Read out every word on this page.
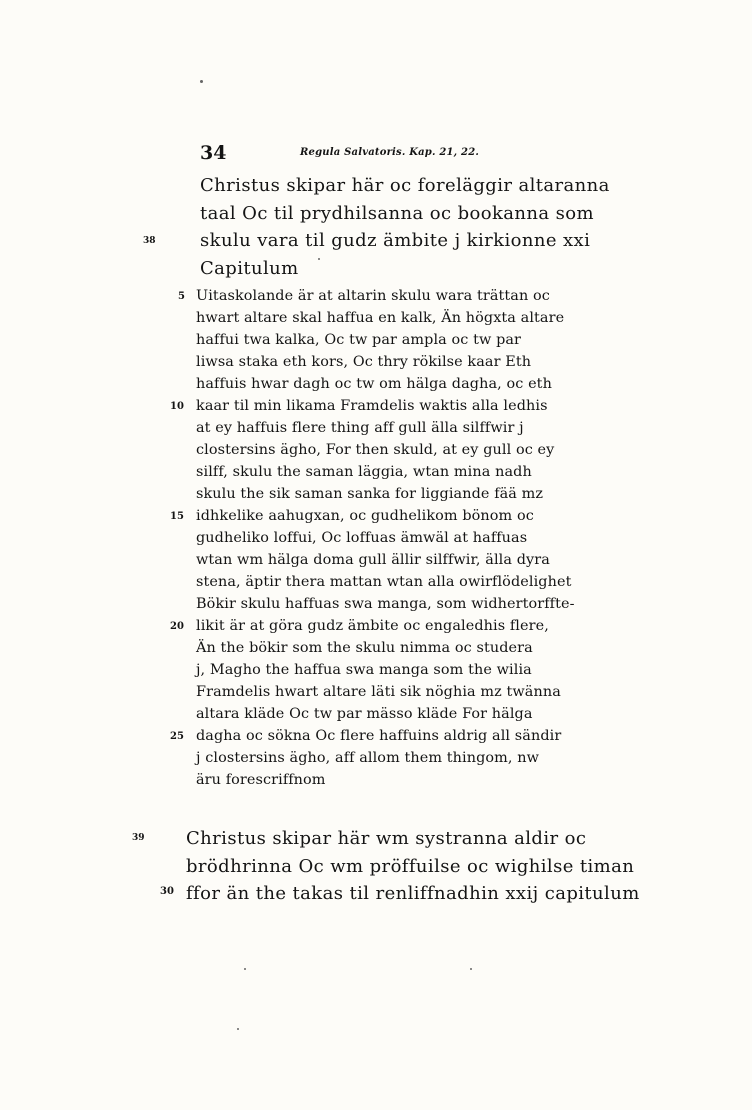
34	Regula Salvatoris. Kap. 21, 22.
Christus skipar här oc foreläggir altaranna
taal Oc til prydhilsanna oc bookanna som
skulu vara til gudz ämbite j kirkionne xxi
Capitulum
38
Uitaskolande är at altarin skulu wara trättan oc
hwart altare skal haffua en kalk, Än högxta altare
haffui twa kalka, Oc tw par ampla oc tw par
liwsa staka eth kors, Oc thry rökilse kaar Eth
haffuis hwar dagh oc tw om hälga dagha, oc eth
kaar til min likama Framdelis waktis alla ledhis
at ey haffuis flere thing aff gull älla silffwir j
clostersins ägho, For then skuld, at ey gull oc ey
silff, skulu the saman läggia, wtan mina nadh
skulu the sik saman sanka for liggiande fää mz
idhkelike aahugxan, oc gudhelikom bönom oc
gudheliko loffui, Oc loffuas ämwäl at haffuas
wtan wm hälga doma gull ällir silffwir, älla dyra
stena, äptir thera mattan wtan alla owirflödelighet
Bökir skulu haffuas swa manga, som widhertorffte-
likit är at göra gudz ämbite oc engaledhis flere,
Än the bökir som the skulu nimma oc studera
j, Magho the haffua swa manga som the wilia
Framdelis hwart altare läti sik nöghia mz twänna
altara kläde Oc tw par mässo kläde For hälga
dagha oc sökna Oc flere haffuins aldrig all sändir
j clostersins ägho, aff allom them thingom, nw
äru forescriffnom
5
10
15
20
25
Christus skipar här wm systranna aldir oc
brödhrinna Oc wm pröffuilse oc wighilse timan
ffor än the takas til renliffnadhin xxij capitulum
39
30
